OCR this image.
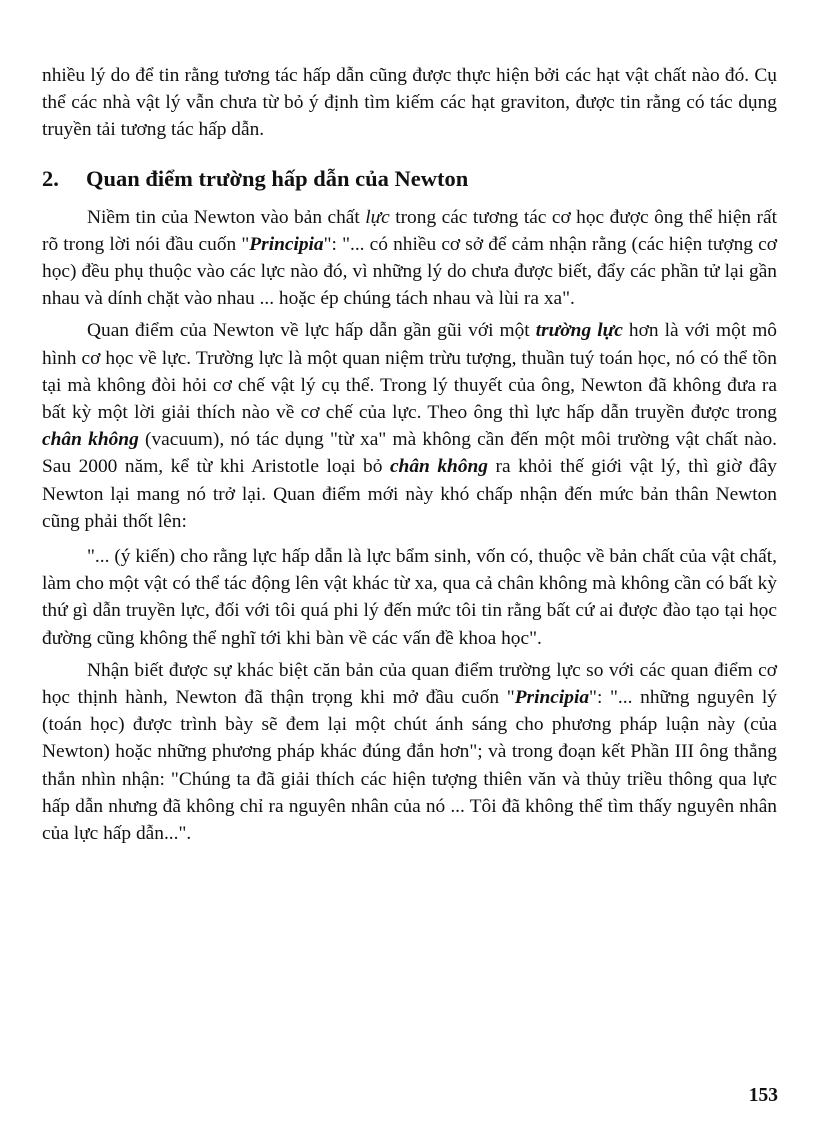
nhiều lý do để tin rằng tương tác hấp dẫn cũng được thực hiện bởi các hạt vật chất nào đó. Cụ thể các nhà vật lý vẫn chưa từ bỏ ý định tìm kiếm các hạt graviton, được tin rằng có tác dụng truyền tải tương tác hấp dẫn.

2. Quan điểm trường hấp dẫn của Newton

Niềm tin của Newton vào bản chất lực trong các tương tác cơ học được ông thể hiện rất rõ trong lời nói đầu cuốn "Principia": "... có nhiều cơ sở để cảm nhận rằng (các hiện tượng cơ học) đều phụ thuộc vào các lực nào đó, vì những lý do chưa được biết, đẩy các phần tử lại gần nhau và dính chặt vào nhau ... hoặc ép chúng tách nhau và lùi ra xa".

Quan điểm của Newton về lực hấp dẫn gần gũi với một trường lực hơn là với một mô hình cơ học về lực. Trường lực là một quan niệm trừu tượng, thuần tuý toán học, nó có thể tồn tại mà không đòi hỏi cơ chế vật lý cụ thể. Trong lý thuyết của ông, Newton đã không đưa ra bất kỳ một lời giải thích nào về cơ chế của lực. Theo ông thì lực hấp dẫn truyền được trong chân không (vacuum), nó tác dụng "từ xa" mà không cần đến một môi trường vật chất nào. Sau 2000 năm, kể từ khi Aristotle loại bỏ chân không ra khỏi thế giới vật lý, thì giờ đây Newton lại mang nó trở lại. Quan điểm mới này khó chấp nhận đến mức bản thân Newton cũng phải thốt lên:

"... (ý kiến) cho rằng lực hấp dẫn là lực bẩm sinh, vốn có, thuộc về bản chất của vật chất, làm cho một vật có thể tác động lên vật khác từ xa, qua cả chân không mà không cần có bất kỳ thứ gì dẫn truyền lực, đối với tôi quá phi lý đến mức tôi tin rằng bất cứ ai được đào tạo tại học đường cũng không thể nghĩ tới khi bàn về các vấn đề khoa học".

Nhận biết được sự khác biệt căn bản của quan điểm trường lực so với các quan điểm cơ học thịnh hành, Newton đã thận trọng khi mở đầu cuốn "Principia": "... những nguyên lý (toán học) được trình bày sẽ đem lại một chút ánh sáng cho phương pháp luận này (của Newton) hoặc những phương pháp khác đúng đắn hơn"; và trong đoạn kết Phần III ông thẳng thắn nhìn nhận: "Chúng ta đã giải thích các hiện tượng thiên văn và thủy triều thông qua lực hấp dẫn nhưng đã không chỉ ra nguyên nhân của nó ... Tôi đã không thể tìm thấy nguyên nhân của lực hấp dẫn...".

153
